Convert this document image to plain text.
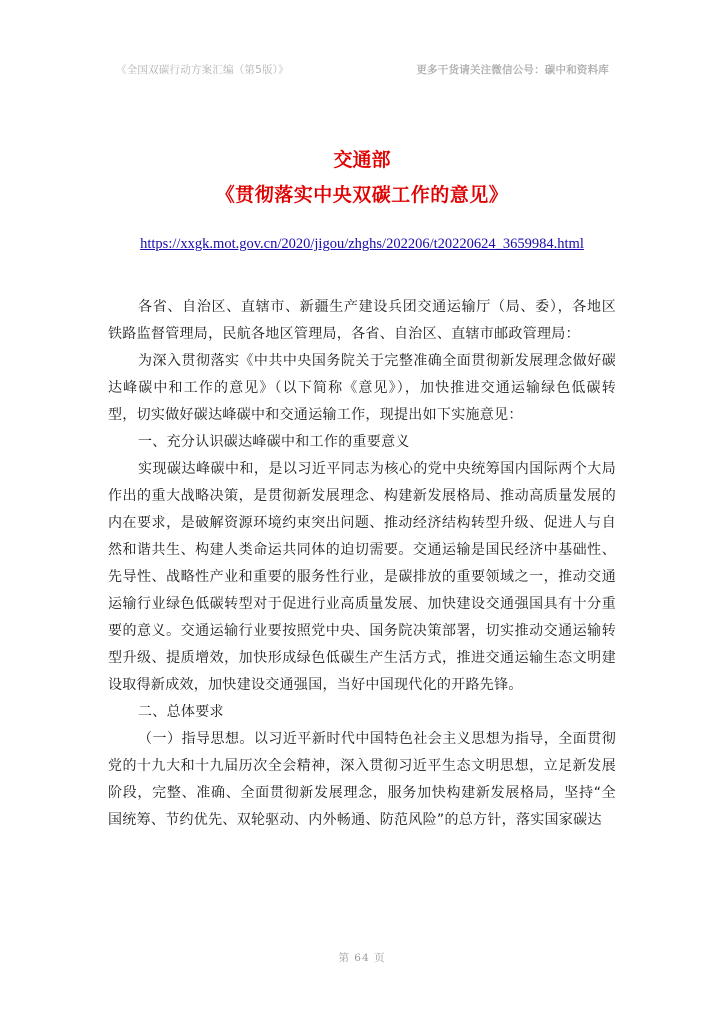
《全国双碳行动方案汇编（第5版）》	更多干货请关注微信公号：碳中和资料库
交通部
《贯彻落实中央双碳工作的意见》
https://xxgk.mot.gov.cn/2020/jigou/zhghs/202206/t20220624_3659984.html

各省、自治区、直辖市、新疆生产建设兵团交通运输厅（局、委），各地区铁路监督管理局，民航各地区管理局，各省、自治区、直辖市邮政管理局：

为深入贯彻落实《中共中央国务院关于完整准确全面贯彻新发展理念做好碳达峰碳中和工作的意见》（以下简称《意见》），加快推进交通运输绿色低碳转型，切实做好碳达峰碳中和交通运输工作，现提出如下实施意见：

一、充分认识碳达峰碳中和工作的重要意义

实现碳达峰碳中和，是以习近平同志为核心的党中央统筹国内国际两个大局作出的重大战略决策，是贯彻新发展理念、构建新发展格局、推动高质量发展的内在要求，是破解资源环境约束突出问题、推动经济结构转型升级、促进人与自然和谐共生、构建人类命运共同体的迫切需要。交通运输是国民经济中基础性、先导性、战略性产业和重要的服务性行业，是碳排放的重要领域之一，推动交通运输行业绿色低碳转型对于促进行业高质量发展、加快建设交通强国具有十分重要的意义。交通运输行业要按照党中央、国务院决策部署，切实推动交通运输转型升级、提质增效，加快形成绿色低碳生产生活方式，推进交通运输生态文明建设取得新成效，加快建设交通强国，当好中国现代化的开路先锋。

二、总体要求

（一）指导思想。以习近平新时代中国特色社会主义思想为指导，全面贯彻党的十九大和十九届历次全会精神，深入贯彻习近平生态文明思想，立足新发展阶段，完整、准确、全面贯彻新发展理念，服务加快构建新发展格局，坚持“全国统筹、节约优先、双轮驱动、内外畅通、防范风险”的总方针，落实国家碳达

第 64 页
